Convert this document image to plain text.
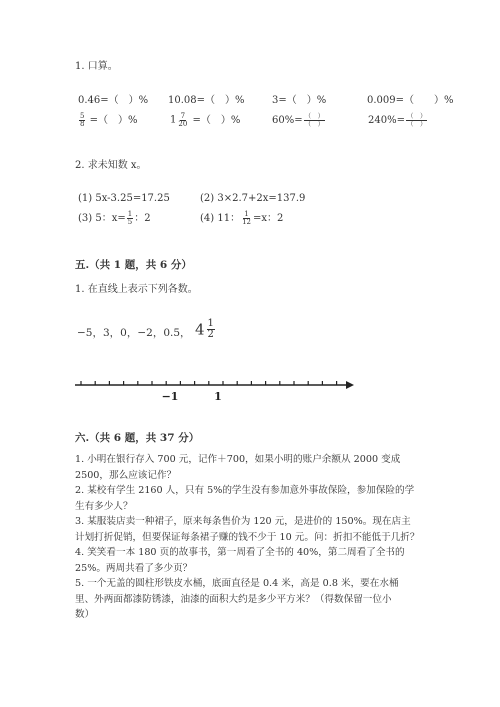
1. 口算。
0.46=（　）% 10.08=（　）%	3=（　）%	0.009=（　　）%
$\frac{5}{8}$ =（　）%	$1 \frac{7}{20}$ =（　）%	$60\%= \frac{( )}{( )}$	$240\%= \frac{( )}{( )}$
2. 求未知数 x。
(1) 5x-3.25=17.25	(2) 3×2.7+2x=137.9
(3) 5：$x= \frac{1}{5}$ ：2	(4) 11： $\frac{1}{12} =x$：2
五.（共 1 题，共 6 分）
1. 在直线上表示下列各数。
−5，3，0，−2，0.5， $4 \frac{1}{2}$
−1	1
六.（共 6 题，共 37 分）
1. 小明在银行存入 700 元，记作＋700，如果小明的账户余额从 2000 变成
2500，那么应该记作？
2. 某校有学生 2160 人，只有 5%的学生没有参加意外事故保险，参加保险的学
生有多少人？
3. 某服装店卖一种裙子，原来每条售价为 120 元，是进价的 150%。现在店主
计划打折促销，但要保证每条裙子赚的钱不少于 10 元。问：折扣不能低于几折？
4. 笑笑看一本 180 页的故事书，第一周看了全书的 40%，第二周看了全书的
25%。两周共看了多少页？
5. 一个无盖的圆柱形铁皮水桶，底面直径是 0.4 米，高是 0.8 米，要在水桶
里、外两面都漆防锈漆，油漆的面积大约是多少平方米？（得数保留一位小
数）
